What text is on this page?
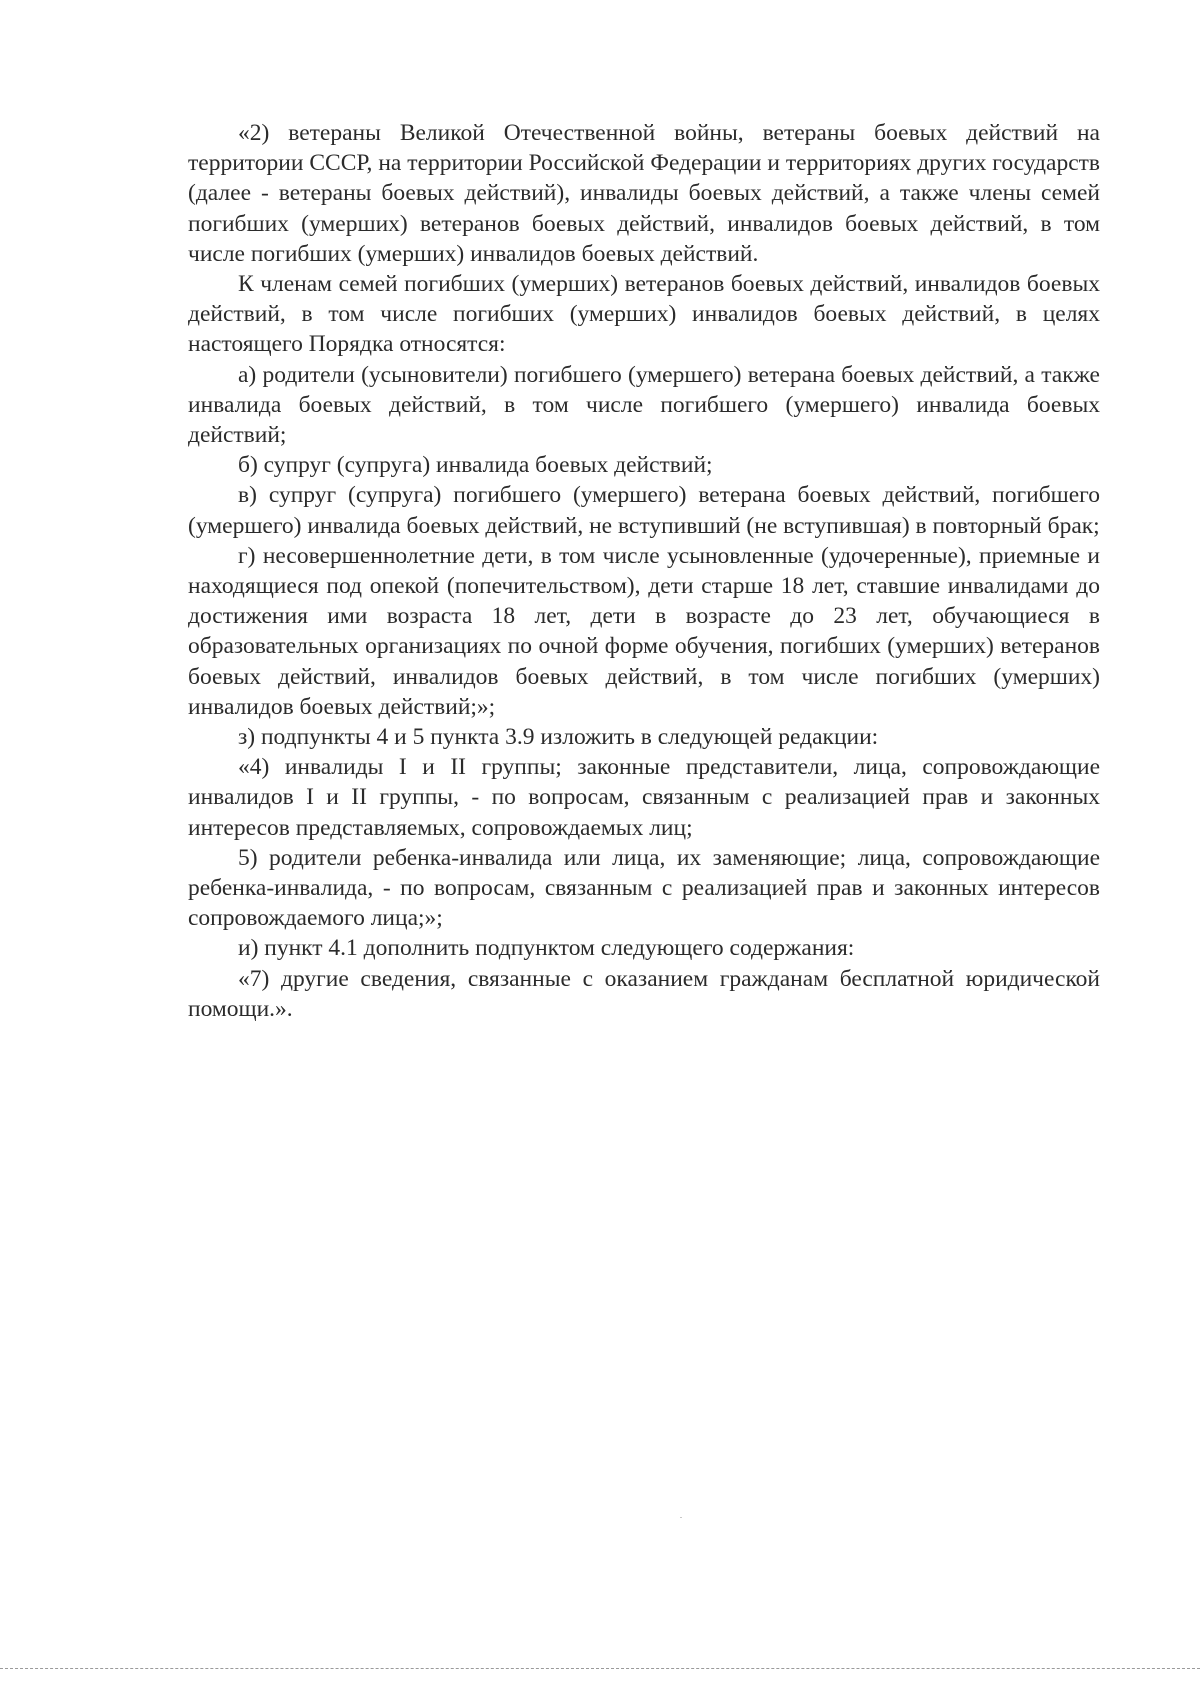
«2) ветераны Великой Отечественной войны, ветераны боевых действий на территории СССР, на территории Российской Федерации и территориях других государств (далее - ветераны боевых действий), инвалиды боевых действий, а также члены семей погибших (умерших) ветеранов боевых действий, инвалидов боевых действий, в том числе погибших (умерших) инвалидов боевых действий.

К членам семей погибших (умерших) ветеранов боевых действий, инвалидов боевых действий, в том числе погибших (умерших) инвалидов боевых действий, в целях настоящего Порядка относятся:

а) родители (усыновители) погибшего (умершего) ветерана боевых действий, а также инвалида боевых действий, в том числе погибшего (умершего) инвалида боевых действий;

б) супруг (супруга) инвалида боевых действий;

в) супруг (супруга) погибшего (умершего) ветерана боевых действий, погибшего (умершего) инвалида боевых действий, не вступивший (не вступившая) в повторный брак;

г) несовершеннолетние дети, в том числе усыновленные (удочеренные), приемные и находящиеся под опекой (попечительством), дети старше 18 лет, ставшие инвалидами до достижения ими возраста 18 лет, дети в возрасте до 23 лет, обучающиеся в образовательных организациях по очной форме обучения, погибших (умерших) ветеранов боевых действий, инвалидов боевых действий, в том числе погибших (умерших) инвалидов боевых действий;»;

з) подпункты 4 и 5 пункта 3.9 изложить в следующей редакции:

«4) инвалиды I и II группы; законные представители, лица, сопровождающие инвалидов I и II группы, - по вопросам, связанным с реализацией прав и законных интересов представляемых, сопровождаемых лиц;

5) родители ребенка-инвалида или лица, их заменяющие; лица, сопровождающие ребенка-инвалида, - по вопросам, связанным с реализацией прав и законных интересов сопровождаемого лица;»;

и) пункт 4.1 дополнить подпунктом следующего содержания:

«7) другие сведения, связанные с оказанием гражданам бесплатной юридической помощи.».
